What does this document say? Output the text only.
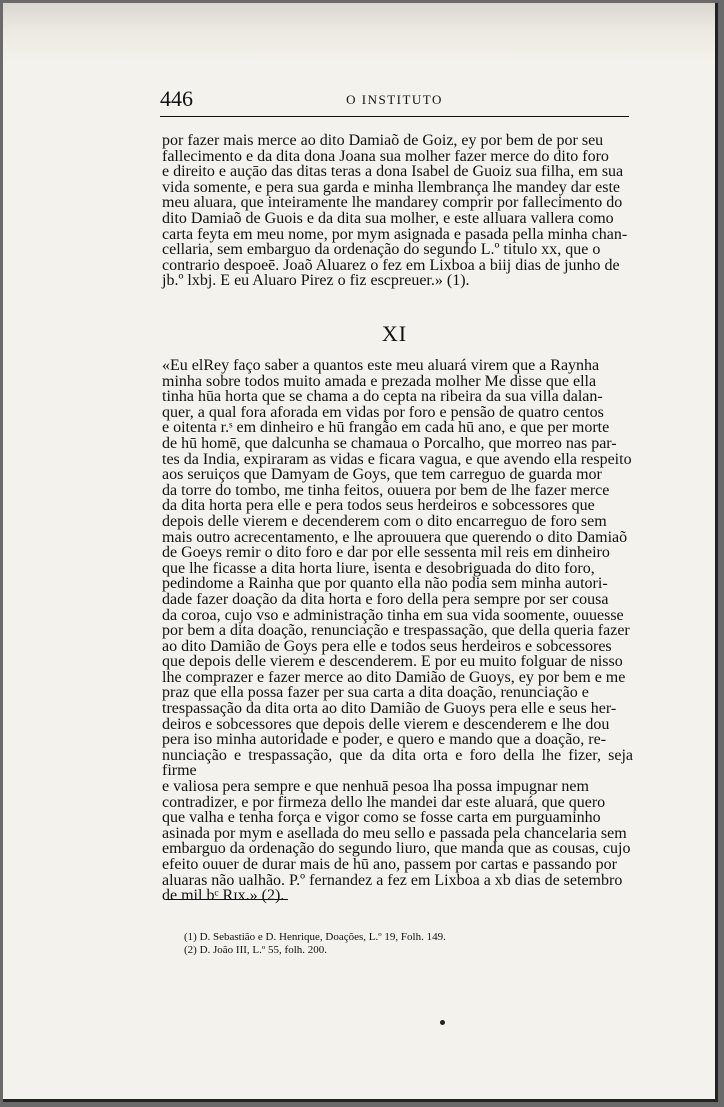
446	O INSTITUTO
por fazer mais merce ao dito Damiaõ de Goiz, ey por bem de por seu
fallecimento e da dita dona Joana sua molher fazer merce do dito foro
e direito e auçāo das ditas teras a dona Isabel de Guoiz sua filha, em sua
vida somente, e pera sua garda e minha llembrança lhe mandey dar este
meu aluara, que inteiramente lhe mandarey comprir por fallecimento do
dito Damiaõ de Guois e da dita sua molher, e este alluara vallera como
carta feyta em meu nome, por mym asignada e pasada pella minha chan-
cellaria, sem embarguo da ordenação do segundo L.º titulo xx, que o
contrario despoeē. Joaõ Aluarez o fez em Lixboa a biij dias de junho de
jb.º lxbj. E eu Aluaro Pirez o fiz escpreuer.» (1).
XI
«Eu elRey faço saber a quantos este meu aluará virem que a Raynha
minha sobre todos muito amada e prezada molher Me disse que ella
tinha hūa horta que se chama a do cepta na ribeira da sua villa dalan-
quer, a qual fora aforada em vidas por foro e pensão de quatro centos
e oitenta r.ˢ em dinheiro e hū frangão em cada hū ano, e que per morte
de hū homē, que dalcunha se chamaua o Porcalho, que morreo nas par-
tes da India, expiraram as vidas e ficara vagua, e que avendo ella respeito
aos seruiços que Damyam de Goys, que tem carreguo de guarda mor
da torre do tombo, me tinha feitos, ouuera por bem de lhe fazer merce
da dita horta pera elle e pera todos seus herdeiros e sobcessores que
depois delle vierem e decenderem com o dito encarreguo de foro sem
mais outro acrecentamento, e lhe aprouuera que querendo o dito Damiaõ
de Goeys remir o dito foro e dar por elle sessenta mil reis em dinheiro
que lhe ficasse a dita horta liure, isenta e desobriguada do dito foro,
pedindome a Rainha que por quanto ella não podia sem minha autori-
dade fazer doação da dita horta e foro della pera sempre por ser cousa
da coroa, cujo vso e administração tinha em sua vida soomente, ouuesse
por bem a dita doação, renunciação e trespassação, que della queria fazer
ao dito Damião de Goys pera elle e todos seus herdeiros e sobcessores
que depois delle vierem e descenderem. E por eu muito folguar de nisso
lhe comprazer e fazer merce ao dito Damião de Guoys, ey por bem e me
praz que ella possa fazer per sua carta a dita doação, renunciação e
trespassação da dita orta ao dito Damião de Guoys pera elle e seus her-
deiros e sobcessores que depois delle vierem e descenderem e lhe dou
pera iso minha autoridade e poder, e quero e mando que a doação, re-
nunciação e trespassação, que da dita orta e foro della lhe fizer, seja firme
e valiosa pera sempre e que nenhuā pesoa lha possa impugnar nem
contradizer, e por firmeza dello lhe mandei dar este aluará, que quero
que valha e tenha força e vigor como se fosse carta em purguaminho
asinada por mym e asellada do meu sello e passada pela chancelaria sem
embarguo da ordenação do segundo liuro, que manda que as cousas, cujo
efeito ouuer de durar mais de hū ano, passem por cartas e passando por
aluaras não ualhão. P.º fernandez a fez em Lixboa a xb dias de setembro
de mil bᶜ Rɪx.» (2).
(1) D. Sebastião e D. Henrique, Doações, L.º 19, Folh. 149.
(2) D. João III, L.º 55, folh. 200.
